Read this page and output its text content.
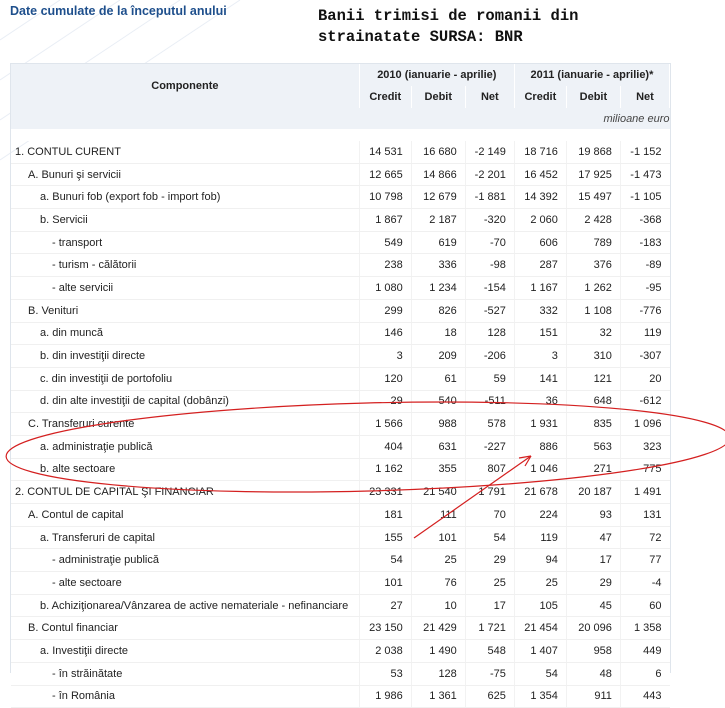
Date cumulate de la începutul anului	Banii trimisi de romanii din
strainatate SURSA: BNR
Componente	2010 (ianuarie - aprilie)			2011 (ianuarie - aprilie)*		
	Credit	Debit	Net	Credit	Debit	Net
milioane euro						

1. CONTUL CURENT	14 531	16 680	-2 149	18 716	19 868	-1 152
A. Bunuri şi servicii	12 665	14 866	-2 201	16 452	17 925	-1 473
a. Bunuri fob (export fob - import fob)	10 798	12 679	-1 881	14 392	15 497	-1 105
b. Servicii	1 867	2 187	-320	2 060	2 428	-368
- transport	549	619	-70	606	789	-183
- turism - călătorii	238	336	-98	287	376	-89
- alte servicii	1 080	1 234	-154	1 167	1 262	-95
B. Venituri	299	826	-527	332	1 108	-776
a. din muncă	146	18	128	151	32	119
b. din investiţii directe	3	209	-206	3	310	-307
c. din investiţii de portofoliu	120	61	59	141	121	20
d. din alte investiţii de capital (dobânzi)	29	540	-511	36	648	-612
C. Transferuri curente	1 566	988	578	1 931	835	1 096
a. administraţie publică	404	631	-227	886	563	323
b. alte sectoare	1 162	355	807	1 046	271	775
2. CONTUL DE CAPITAL ŞI FINANCIAR	23 331	21 540	1 791	21 678	20 187	1 491
A. Contul de capital	181	111	70	224	93	131
a. Transferuri de capital	155	101	54	119	47	72
- administraţie publică	54	25	29	94	17	77
- alte sectoare	101	76	25	25	29	-4
b. Achiziţionarea/Vânzarea de active nemateriale - nefinanciare	27	10	17	105	45	60
B. Contul financiar	23 150	21 429	1 721	21 454	20 096	1 358
a. Investiţii directe	2 038	1 490	548	1 407	958	449
- în străinătate	53	128	-75	54	48	6
- în România	1 986	1 361	625	1 354	911	443
